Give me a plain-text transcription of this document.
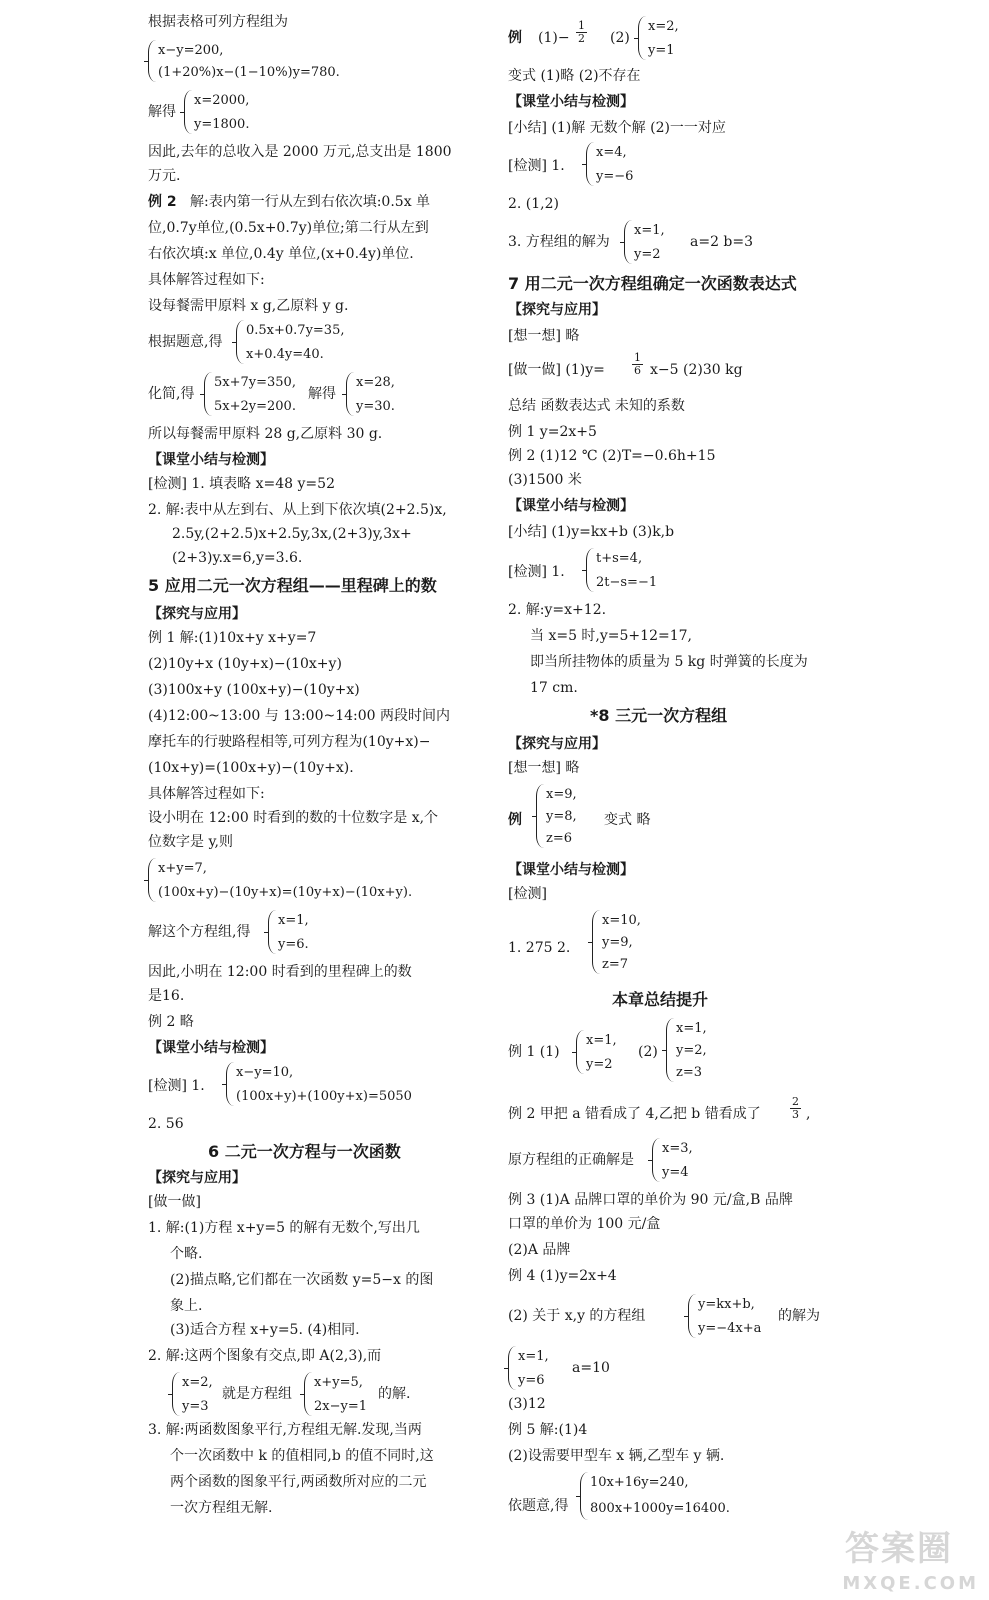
根据表格可列方程组为
x−y=200,
(1+20%)x−(1−10%)y=780.
解得
x=2000,
y=1800.
因此,去年的总收入是 2000 万元,总支出是 1800
万元.
例 2 解:表内第一行从左到右依次填:0.5x 单
位,0.7y单位,(0.5x+0.7y)单位;第二行从左到
右依次填:x 单位,0.4y 单位,(x+0.4y)单位.
具体解答过程如下:
设每餐需甲原料 x g,乙原料 y g.
根据题意,得
0.5x+0.7y=35,
x+0.4y=40.
化简,得
5x+7y=350,
5x+2y=200.
解得
x=28,
y=30.
所以每餐需甲原料 28 g,乙原料 30 g.
【课堂小结与检测】
[检测] 1. 填表略 x=48 y=52
2. 解:表中从左到右、从上到下依次填(2+2.5)x,
2.5y,(2+2.5)x+2.5y,3x,(2+3)y,3x+
(2+3)y.x=6,y=3.6.
5 应用二元一次方程组——里程碑上的数
【探究与应用】
例 1 解:(1)10x+y x+y=7
(2)10y+x (10y+x)−(10x+y)
(3)100x+y (100x+y)−(10y+x)
(4)12:00~13:00 与 13:00~14:00 两段时间内
摩托车的行驶路程相等,可列方程为(10y+x)−
(10x+y)=(100x+y)−(10y+x).
具体解答过程如下:
设小明在 12:00 时看到的数的十位数字是 x,个
位数字是 y,则
x+y=7,
(100x+y)−(10y+x)=(10y+x)−(10x+y).
解这个方程组,得
x=1,
y=6.
因此,小明在 12:00 时看到的里程碑上的数
是16.
例 2 略
【课堂小结与检测】
[检测] 1.
x−y=10,
(100x+y)+(100y+x)=5050
2. 56
6 二元一次方程与一次函数
【探究与应用】
[做一做]
1. 解:(1)方程 x+y=5 的解有无数个,写出几
个略.
(2)描点略,它们都在一次函数 y=5−x 的图
象上.
(3)适合方程 x+y=5. (4)相同.
2. 解:这两个图象有交点,即 A(2,3),而
x=2,
y=3
就是方程组
x+y=5,
2x−y=1
的解.
3. 解:两函数图象平行,方程组无解.发现,当两
个一次函数中 k 的值相同,b 的值不同时,这
两个函数的图象平行,两函数所对应的二元
一次方程组无解.
例 $(1)- \frac{1}{2} (2)$
x=2,
y=1
变式 (1)略 (2)不存在
【课堂小结与检测】
[小结] (1)解 无数个解 (2)一一对应
[检测] 1.
x=4,
y=−6
2. (1,2)
3. 方程组的解为
x=1,
y=2
a=2 b=3
7 用二元一次方程组确定一次函数表达式
【探究与应用】
[想一想] 略
[做一做] $(1)y= \frac{1}{6} x-5$ (2)30 kg
总结 函数表达式 未知的系数
例 1 y=2x+5
例 2 (1)12 ℃ (2)T=−0.6h+15
(3)1500 米
【课堂小结与检测】
[小结] (1)y=kx+b (3)k,b
[检测] 1.
t+s=4,
2t−s=−1
2. 解:y=x+12.
当 x=5 时,y=5+12=17,
即当所挂物体的质量为 5 kg 时弹簧的长度为
17 cm.
*8 三元一次方程组
【探究与应用】
[想一想] 略
例
x=9,
y=8,
z=6
变式 略
【课堂小结与检测】
[检测]
1. 275 2.
x=10,
y=9,
z=7
本章总结提升
例 1 (1)
x=1,
y=2
(2)
x=1,
y=2,
z=3
例 2 甲把 a 错看成了 4,乙把 b 错看成了	$\frac{2}{3}$ ,
原方程组的正确解是
x=3,
y=4
例 3 (1)A 品牌口罩的单价为 90 元/盒,B 品牌
口罩的单价为 100 元/盒
(2)A 品牌
例 4 (1)y=2x+4
(2) 关于 x,y 的方程组
y=kx+b,
y=−4x+a
的解为
x=1,
y=6
a=10
(3)12
例 5 解:(1)4
(2)设需要甲型车 x 辆,乙型车 y 辆.
依题意,得
10x+16y=240,
800x+1000y=16400.
答案圈
MXQE.COM
